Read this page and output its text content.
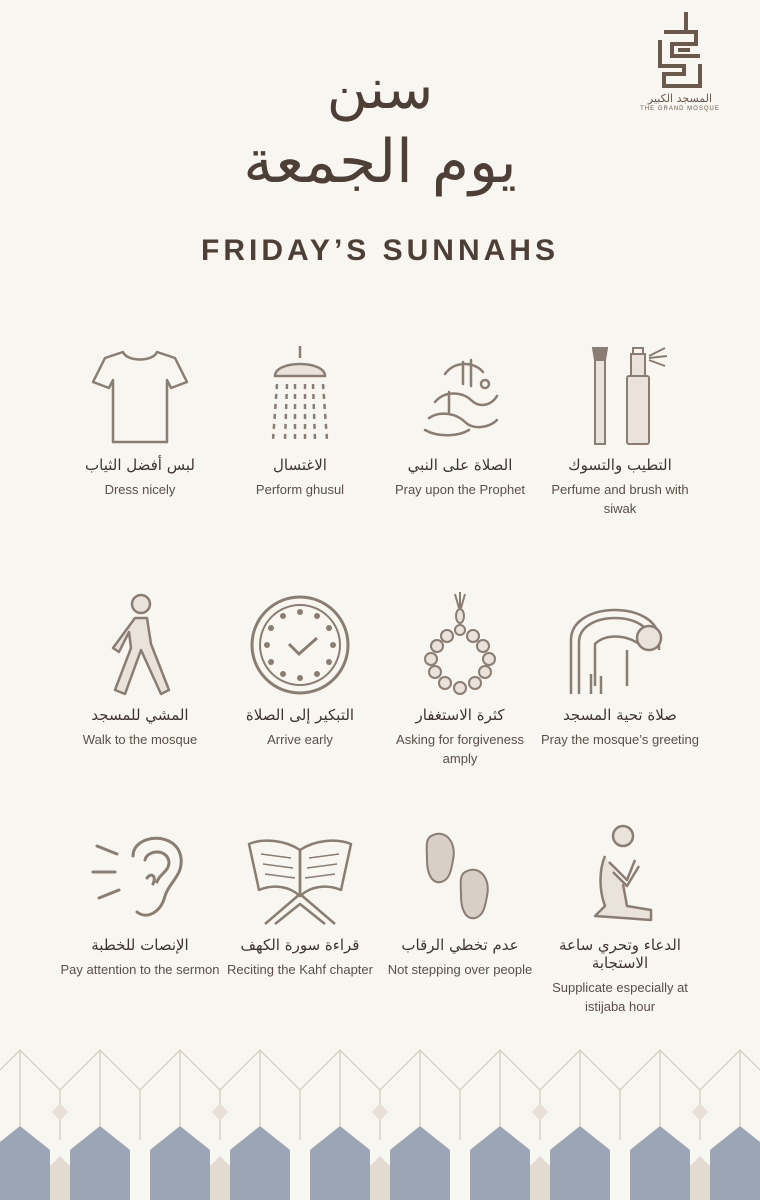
المسجد الكبير
THE GRAND MOSQUE
سنن
يوم الجمعة
FRIDAY’S SUNNAHS
التطيب والتسوك
Perfume and brush with siwak
الصلاة على النبي
Pray upon the Prophet
الاغتسال
Perform ghusul
لبس أفضل الثياب
Dress nicely
صلاة تحية المسجد
Pray the mosque’s greeting
كثرة الاستغفار
Asking for forgiveness amply
التبكير إلى الصلاة
Arrive early
المشي للمسجد
Walk to the mosque
الدعاء وتحري ساعة الاستجابة
Supplicate especially at istijaba hour
عدم تخطي الرقاب
Not stepping over people
قراءة سورة الكهف
Reciting the Kahf chapter
الإنصات للخطبة
Pay attention to the sermon
